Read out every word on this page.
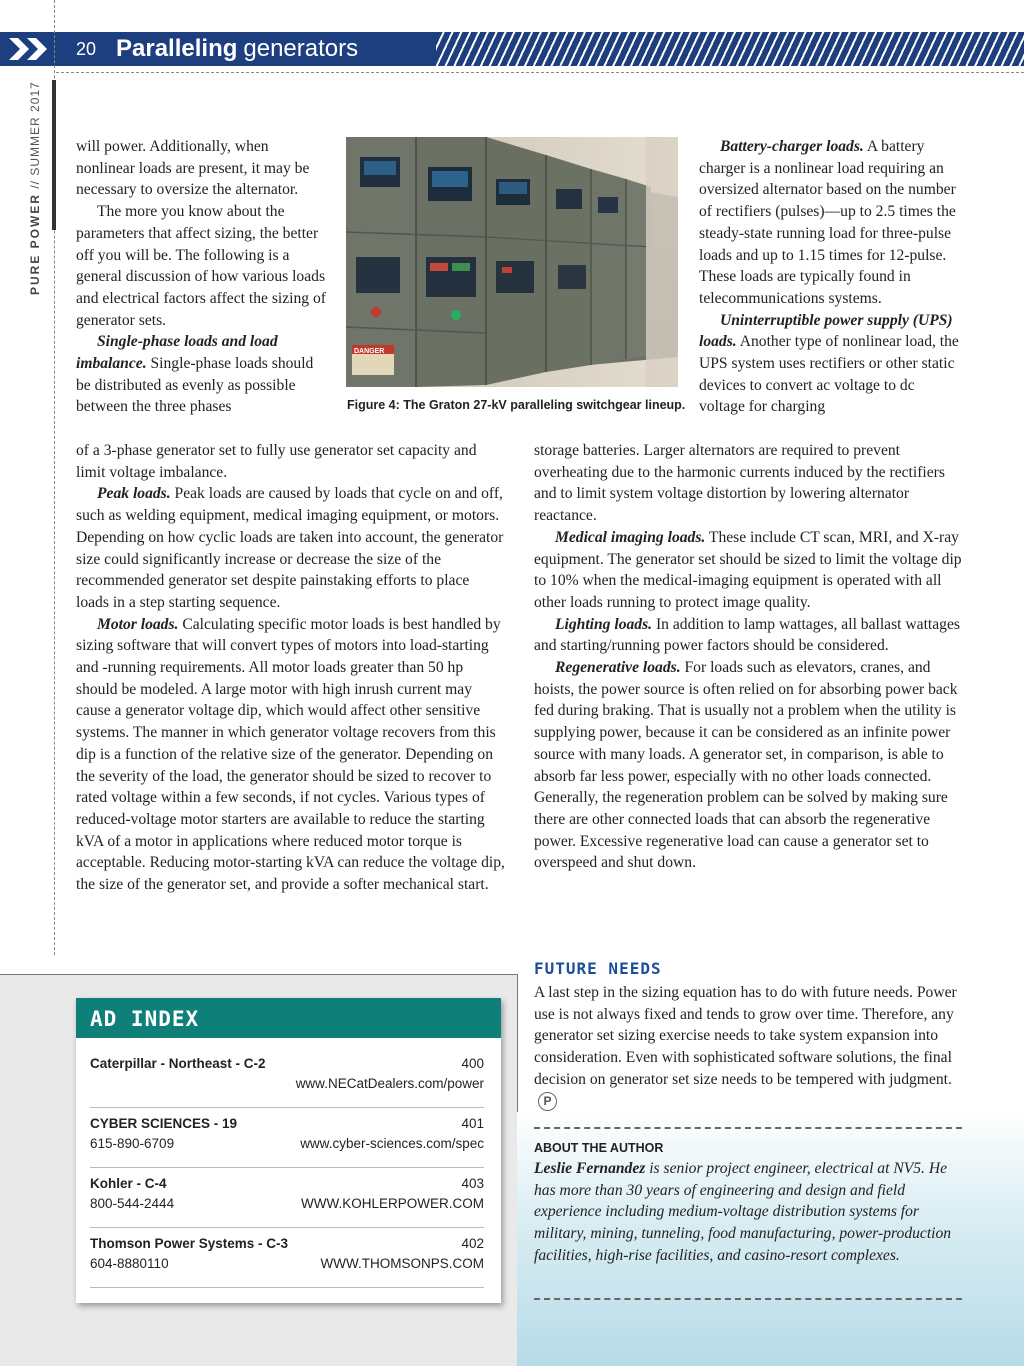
20 Paralleling generators
PURE POWER // SUMMER 2017
DANGER
Figure 4: The Graton 27-kV paralleling switchgear lineup.

will power. Additionally, when nonlinear loads are present, it may be necessary to oversize the alternator.

The more you know about the parameters that affect sizing, the better off you will be. The following is a general discussion of how various loads and electrical factors affect the sizing of generator sets.

Single-phase loads and load imbalance. Single-phase loads should be distributed as evenly as possible between the three phases

of a 3-phase generator set to fully use generator set capacity and limit voltage imbalance.

Peak loads. Peak loads are caused by loads that cycle on and off, such as welding equipment, medical imaging equipment, or motors. Depending on how cyclic loads are taken into account, the generator size could significantly increase or decrease the size of the recommended generator set despite painstaking efforts to place loads in a step starting sequence.

Motor loads. Calculating specific motor loads is best handled by sizing software that will convert types of motors into load-starting and -running requirements. All motor loads greater than 50 hp should be modeled. A large motor with high inrush current may cause a generator voltage dip, which would affect other sensitive systems. The manner in which generator voltage recovers from this dip is a function of the relative size of the generator. Depending on the severity of the load, the generator should be sized to recover to rated voltage within a few seconds, if not cycles. Various types of reduced-voltage motor starters are available to reduce the starting kVA of a motor in applications where reduced motor torque is acceptable. Reducing motor-starting kVA can reduce the voltage dip, the size of the generator set, and provide a softer mechanical start.

Battery-charger loads. A battery charger is a nonlinear load requiring an oversized alternator based on the number of rectifiers (pulses)—up to 2.5 times the steady-state running load for three-pulse loads and up to 1.15 times for 12-pulse. These loads are typically found in telecommunications systems.

Uninterruptible power supply (UPS) loads. Another type of nonlinear load, the UPS system uses rectifiers or other static devices to convert ac voltage to dc voltage for charging

storage batteries. Larger alternators are required to prevent overheating due to the harmonic currents induced by the rectifiers and to limit system voltage distortion by lowering alternator reactance.

Medical imaging loads. These include CT scan, MRI, and X-ray equipment. The generator set should be sized to limit the voltage dip to 10% when the medical-imaging equipment is operated with all other loads running to protect image quality.

Lighting loads. In addition to lamp wattages, all ballast wattages and starting/running power factors should be considered.

Regenerative loads. For loads such as elevators, cranes, and hoists, the power source is often relied on for absorbing power back fed during braking. That is usually not a problem when the utility is supplying power, because it can be considered as an infinite power source with many loads. A generator set, in comparison, is able to absorb far less power, especially with no other loads connected. Generally, the regeneration problem can be solved by making sure there are other connected loads that can absorb the regenerative power. Excessive regenerative load can cause a generator set to overspeed and shut down.

FUTURE NEEDS
A last step in the sizing equation has to do with future needs. Power use is not always fixed and tends to grow over time. Therefore, any generator set sizing exercise needs to take system expansion into consideration. Even with sophisticated software solutions, the final decision on generator set size needs to be tempered with judgment.P
AD INDEX
Caterpillar - Northeast - C-2	400
www.NECatDealers.com/power
CYBER SCIENCES - 19	401
615-890-6709	www.cyber-sciences.com/spec
Kohler - C-4	403
800-544-2444	WWW.KOHLERPOWER.COM
Thomson Power Systems - C-3	402
604-8880110	WWW.THOMSONPS.COM
ABOUT THE AUTHOR
Leslie Fernandez is senior project engineer, electrical at NV5. He has more than 30 years of engineering and design and field experience including medium-voltage distribution systems for military, mining, tunneling, food manufacturing, power-production facilities, high-rise facilities, and casino-resort complexes.
